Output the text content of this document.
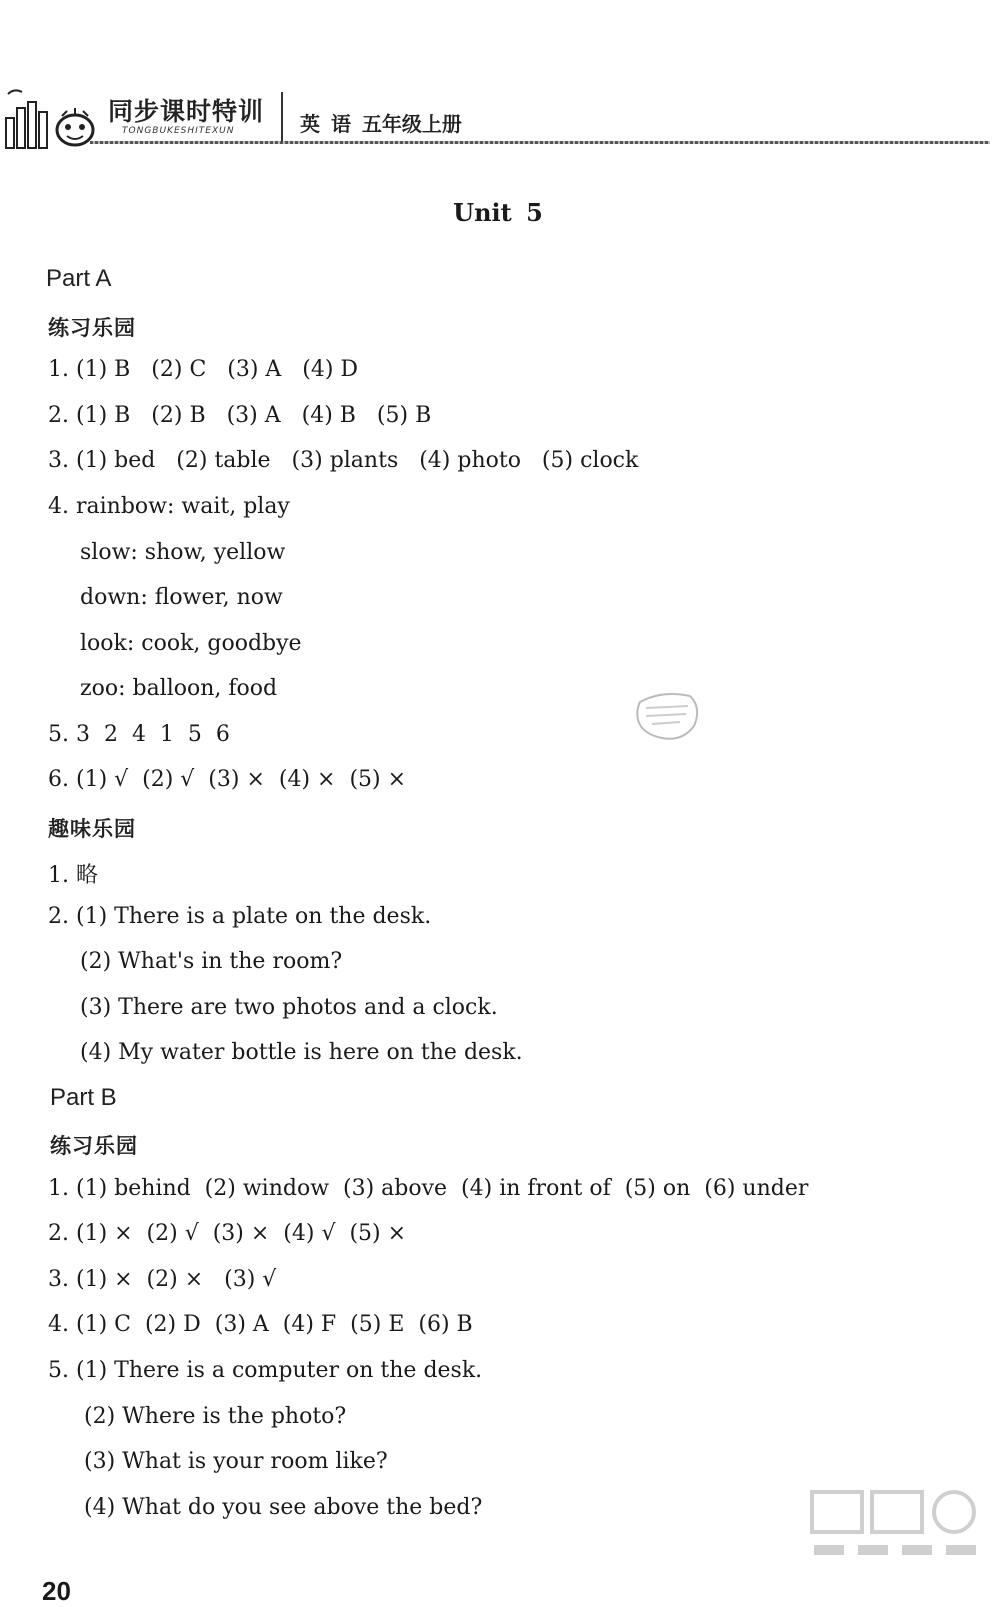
同步课时特训
TONGBUKESHITEXUN	英 语 五年级上册
Unit 5
Part A
练习乐园
1. (1) B   (2) C   (3) A   (4) D
2. (1) B   (2) B   (3) A   (4) B   (5) B
3. (1) bed   (2) table   (3) plants   (4) photo   (5) clock
4. rainbow: wait, play
slow: show, yellow
down: flower, now
look: cook, goodbye
zoo: balloon, food
5. 3  2  4  1  5  6
6. (1) √  (2) √  (3) ×  (4) ×  (5) ×
趣味乐园
1. 略
2. (1) There is a plate on the desk.
(2) What's in the room?
(3) There are two photos and a clock.
(4) My water bottle is here on the desk.
Part B
练习乐园
1. (1) behind  (2) window  (3) above  (4) in front of  (5) on  (6) under
2. (1) ×  (2) √  (3) ×  (4) √  (5) ×
3. (1) ×  (2) ×   (3) √
4. (1) C  (2) D  (3) A  (4) F  (5) E  (6) B
5. (1) There is a computer on the desk.
(2) Where is the photo?
(3) What is your room like?
(4) What do you see above the bed?
20
